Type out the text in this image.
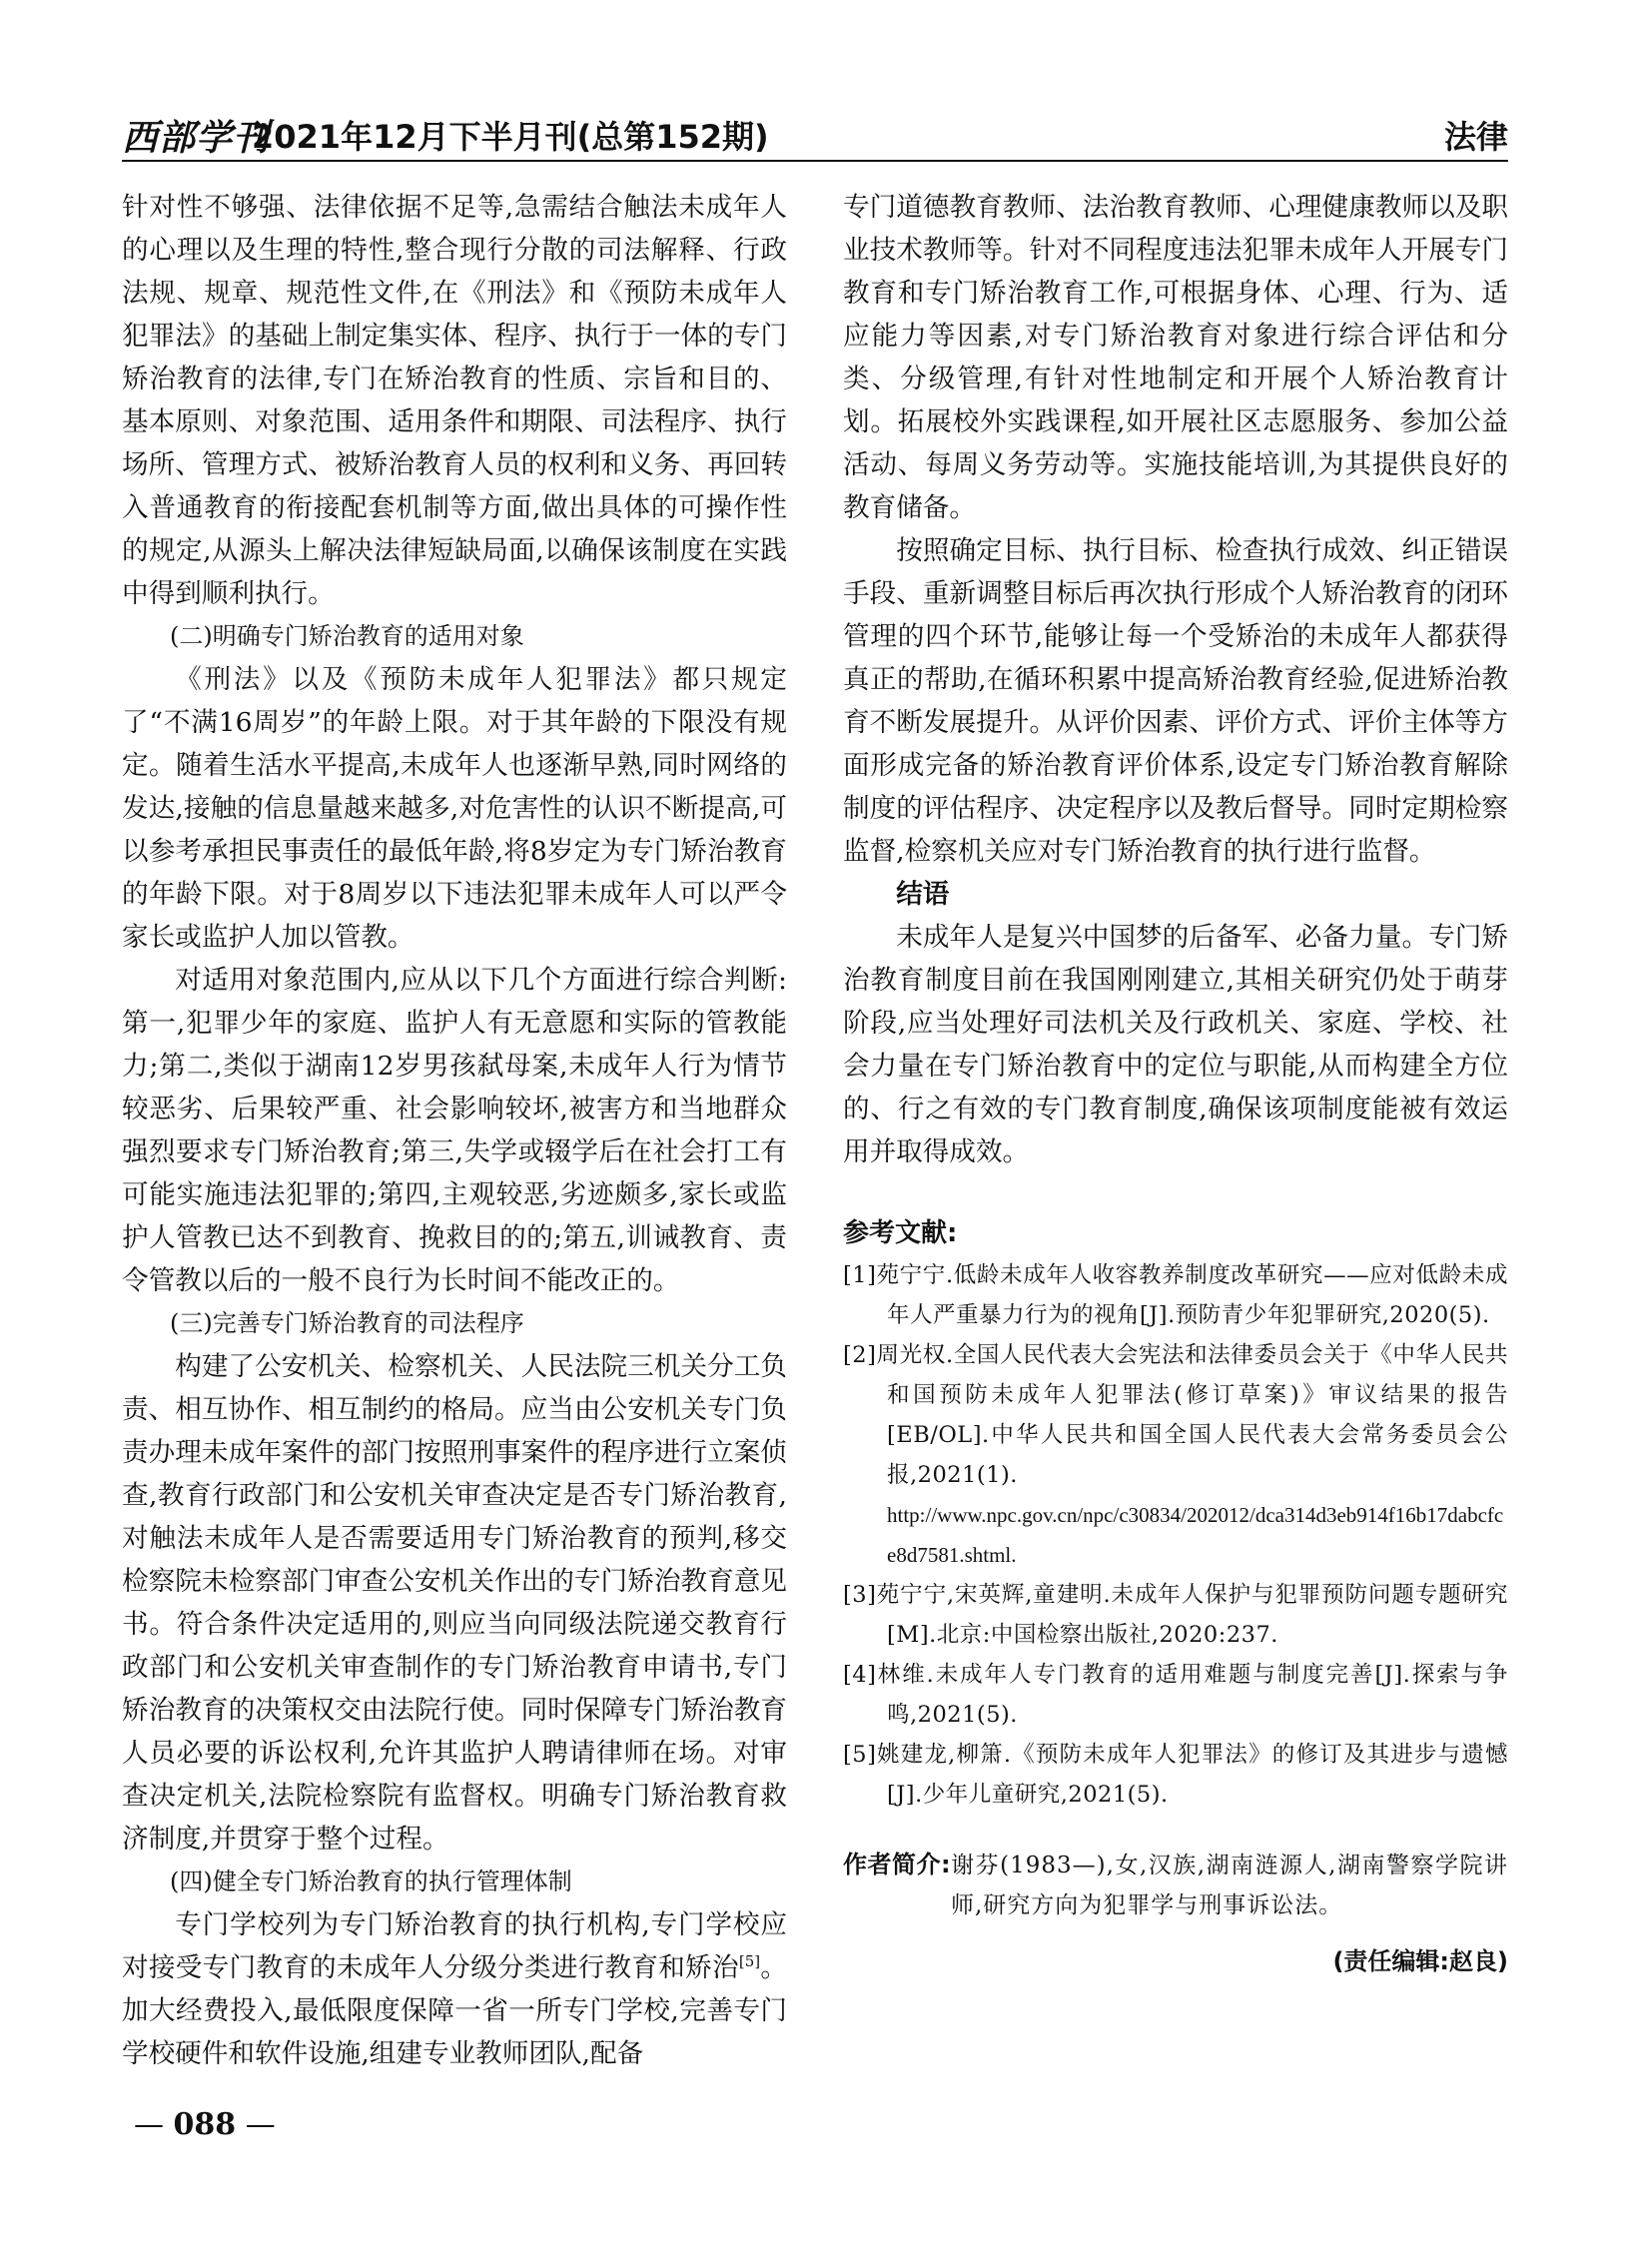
西部学刊
2021年12月下半月刊(总第152期)	法律

针对性不够强、法律依据不足等,急需结合触法未成年人的心理以及生理的特性,整合现行分散的司法解释、行政法规、规章、规范性文件,在《刑法》和《预防未成年人犯罪法》的基础上制定集实体、程序、执行于一体的专门矫治教育的法律,专门在矫治教育的性质、宗旨和目的、基本原则、对象范围、适用条件和期限、司法程序、执行场所、管理方式、被矫治教育人员的权利和义务、再回转入普通教育的衔接配套机制等方面,做出具体的可操作性的规定,从源头上解决法律短缺局面,以确保该制度在实践中得到顺利执行。

(二)明确专门矫治教育的适用对象

《刑法》以及《预防未成年人犯罪法》都只规定了“不满16周岁”的年龄上限。对于其年龄的下限没有规定。随着生活水平提高,未成年人也逐渐早熟,同时网络的发达,接触的信息量越来越多,对危害性的认识不断提高,可以参考承担民事责任的最低年龄,将8岁定为专门矫治教育的年龄下限。对于8周岁以下违法犯罪未成年人可以严令家长或监护人加以管教。

对适用对象范围内,应从以下几个方面进行综合判断:第一,犯罪少年的家庭、监护人有无意愿和实际的管教能力;第二,类似于湖南12岁男孩弑母案,未成年人行为情节较恶劣、后果较严重、社会影响较坏,被害方和当地群众强烈要求专门矫治教育;第三,失学或辍学后在社会打工有可能实施违法犯罪的;第四,主观较恶,劣迹颇多,家长或监护人管教已达不到教育、挽救目的的;第五,训诫教育、责令管教以后的一般不良行为长时间不能改正的。

(三)完善专门矫治教育的司法程序

构建了公安机关、检察机关、人民法院三机关分工负责、相互协作、相互制约的格局。应当由公安机关专门负责办理未成年案件的部门按照刑事案件的程序进行立案侦查,教育行政部门和公安机关审查决定是否专门矫治教育,对触法未成年人是否需要适用专门矫治教育的预判,移交检察院未检察部门审查公安机关作出的专门矫治教育意见书。符合条件决定适用的,则应当向同级法院递交教育行政部门和公安机关审查制作的专门矫治教育申请书,专门矫治教育的决策权交由法院行使。同时保障专门矫治教育人员必要的诉讼权利,允许其监护人聘请律师在场。对审查决定机关,法院检察院有监督权。明确专门矫治教育救济制度,并贯穿于整个过程。

(四)健全专门矫治教育的执行管理体制

专门学校列为专门矫治教育的执行机构,专门学校应对接受专门教育的未成年人分级分类进行教育和矫治[5]。加大经费投入,最低限度保障一省一所专门学校,完善专门学校硬件和软件设施,组建专业教师团队,配备

专门道德教育教师、法治教育教师、心理健康教师以及职业技术教师等。针对不同程度违法犯罪未成年人开展专门教育和专门矫治教育工作,可根据身体、心理、行为、适应能力等因素,对专门矫治教育对象进行综合评估和分类、分级管理,有针对性地制定和开展个人矫治教育计划。拓展校外实践课程,如开展社区志愿服务、参加公益活动、每周义务劳动等。实施技能培训,为其提供良好的教育储备。

按照确定目标、执行目标、检查执行成效、纠正错误手段、重新调整目标后再次执行形成个人矫治教育的闭环管理的四个环节,能够让每一个受矫治的未成年人都获得真正的帮助,在循环积累中提高矫治教育经验,促进矫治教育不断发展提升。从评价因素、评价方式、评价主体等方面形成完备的矫治教育评价体系,设定专门矫治教育解除制度的评估程序、决定程序以及教后督导。同时定期检察监督,检察机关应对专门矫治教育的执行进行监督。

结语

未成年人是复兴中国梦的后备军、必备力量。专门矫治教育制度目前在我国刚刚建立,其相关研究仍处于萌芽阶段,应当处理好司法机关及行政机关、家庭、学校、社会力量在专门矫治教育中的定位与职能,从而构建全方位的、行之有效的专门教育制度,确保该项制度能被有效运用并取得成效。

参考文献:

[1]苑宁宁.低龄未成年人收容教养制度改革研究——应对低龄未成年人严重暴力行为的视角[J].预防青少年犯罪研究,2020(5).

[2]周光权.全国人民代表大会宪法和法律委员会关于《中华人民共和国预防未成年人犯罪法(修订草案)》审议结果的报告[EB/OL].中华人民共和国全国人民代表大会常务委员会公报,2021(1).

http://www.npc.gov.cn/npc/c30834/202012/dca314d3eb914f16b17dabcfce8d7581.shtml.

[3]苑宁宁,宋英辉,童建明.未成年人保护与犯罪预防问题专题研究[M].北京:中国检察出版社,2020:237.

[4]林维.未成年人专门教育的适用难题与制度完善[J].探索与争鸣,2021(5).

[5]姚建龙,柳箫.《预防未成年人犯罪法》的修订及其进步与遗憾[J].少年儿童研究,2021(5).

作者简介:谢芬(1983—),女,汉族,湖南涟源人,湖南警察学院讲师,研究方向为犯罪学与刑事诉讼法。

(责任编辑:赵良)

— 088 —
